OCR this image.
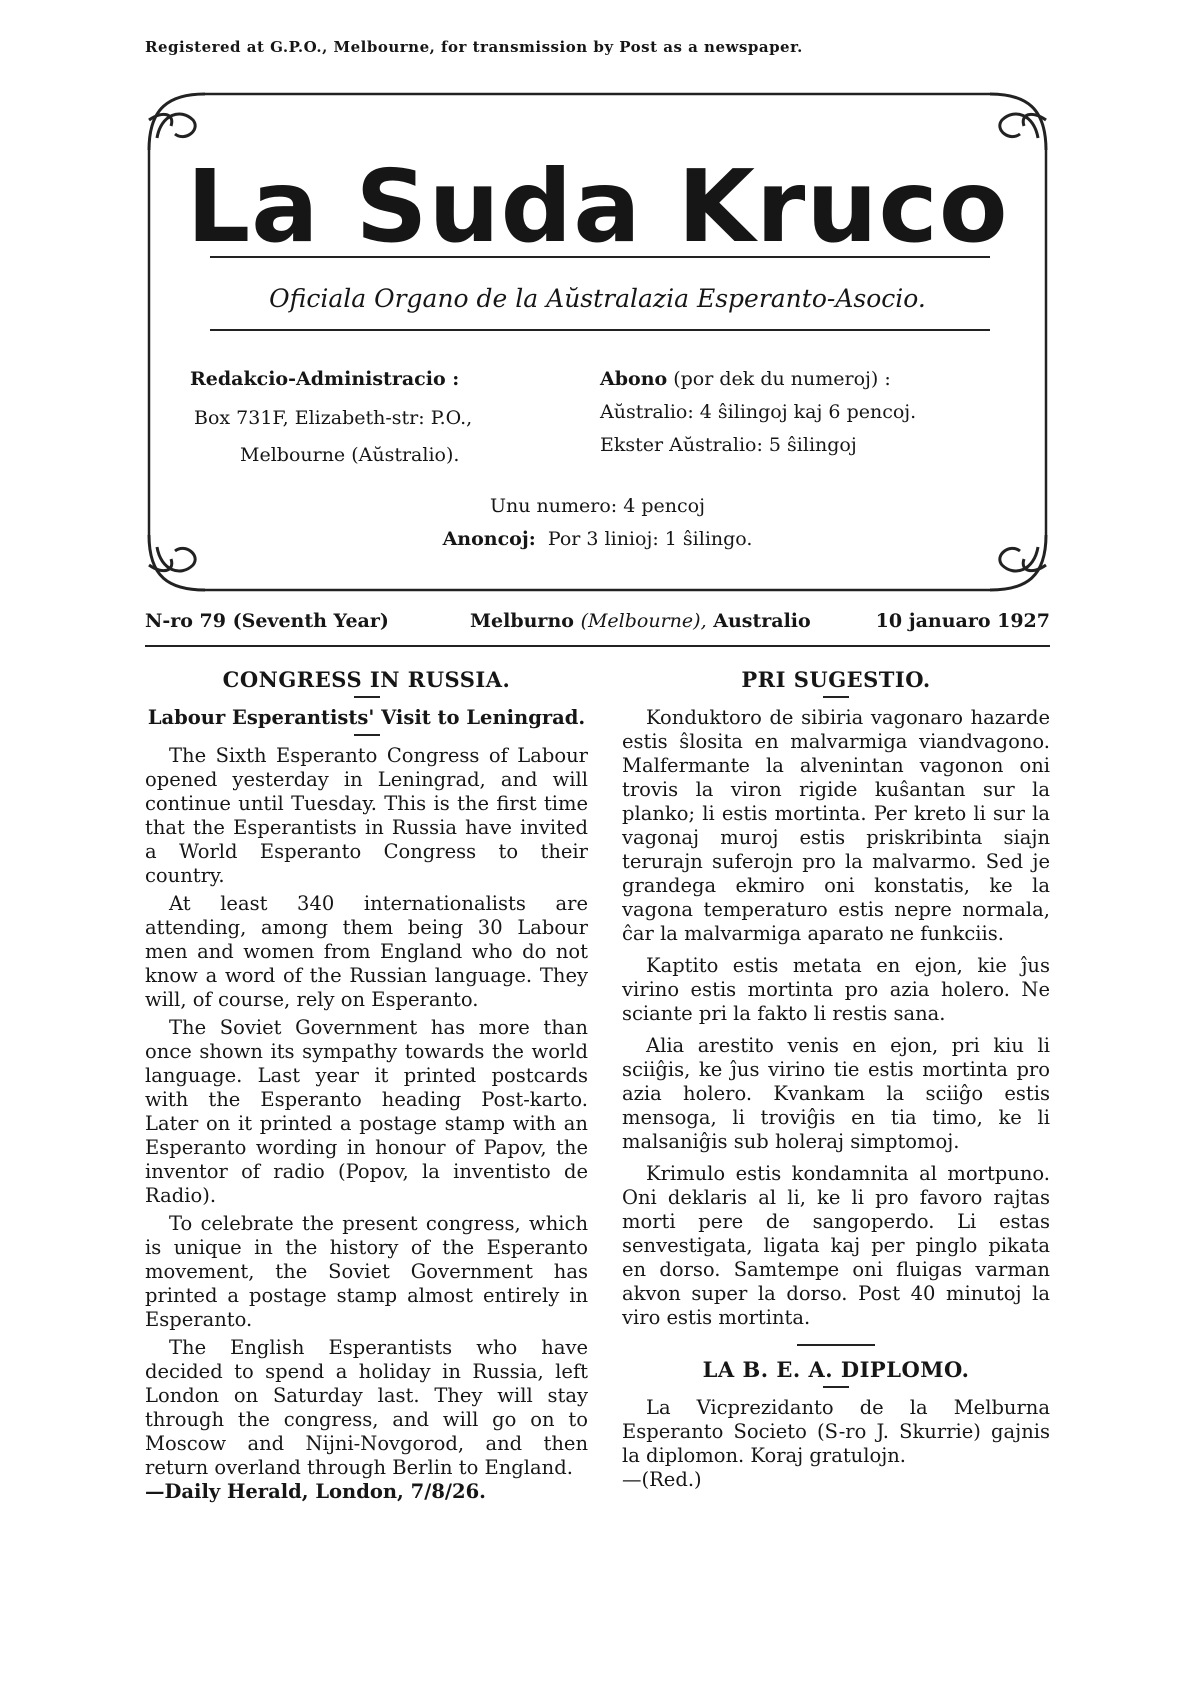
Registered at G.P.O., Melbourne, for transmission by Post as a newspaper.
La Suda Kruco
Oficiala Organo de la Aŭstralazia Esperanto-Asocio.
Redakcio-Administracio :
Box 731F, Elizabeth-str: P.O.,
Melbourne (Aŭstralio).
Abono (por dek du numeroj) :
Aŭstralio: 4 ŝilingoj kaj 6 pencoj.
Ekster Aŭstralio: 5 ŝilingoj
Unu numero: 4 pencoj
Anoncoj: Por 3 linioj: 1 ŝilingo.
N-ro 79 (Seventh Year)	Melburno (Melbourne), Australio	10 januaro 1927
CONGRESS IN RUSSIA.
Labour Esperantists' Visit to Leningrad.

The Sixth Esperanto Congress of Labour opened yesterday in Leningrad, and will continue until Tuesday. This is the first time that the Esperantists in Russia have invited a World Esperanto Congress to their country.

At least 340 internationalists are attending, among them being 30 Labour men and women from England who do not know a word of the Russian language. They will, of course, rely on Esperanto.

The Soviet Government has more than once shown its sympathy towards the world language. Last year it printed postcards with the Esperanto heading Post-karto. Later on it printed a postage stamp with an Esperanto wording in honour of Papov, the inventor of radio (Popov, la inventisto de Radio).

To celebrate the present congress, which is unique in the history of the Esperanto movement, the Soviet Government has printed a postage stamp almost entirely in Esperanto.

The English Esperantists who have decided to spend a holiday in Russia, left London on Saturday last. They will stay through the congress, and will go on to Moscow and Nijni-Novgorod, and then return overland through Berlin to England.

—Daily Herald, London, 7/8/26.
PRI SUGESTIO.

Konduktoro de sibiria vagonaro hazarde estis ŝlosita en malvarmiga viandvagono. Malfermante la alvenintan vagonon oni trovis la viron rigide kuŝantan sur la planko; li estis mortinta. Per kreto li sur la vagonaj muroj estis priskribinta siajn terurajn suferojn pro la malvarmo. Sed je grandega ekmiro oni konstatis, ke la vagona temperaturo estis nepre normala, ĉar la malvarmiga aparato ne funkciis.

Kaptito estis metata en ejon, kie ĵus virino estis mortinta pro azia holero. Ne sciante pri la fakto li restis sana.

Alia arestito venis en ejon, pri kiu li sciiĝis, ke ĵus virino tie estis mortinta pro azia holero. Kvankam la sciiĝo estis mensoga, li troviĝis en tia timo, ke li malsaniĝis sub holeraj simptomoj.

Krimulo estis kondamnita al mortpuno. Oni deklaris al li, ke li pro favoro rajtas morti pere de sangoperdo. Li estas senvestigata, ligata kaj per pinglo pikata en dorso. Samtempe oni fluigas varman akvon super la dorso. Post 40 minutoj la viro estis mortinta.

LA B. E. A. DIPLOMO.

La Vicprezidanto de la Melburna Esperanto Societo (S-ro J. Skurrie) gajnis la diplomon. Koraj gratulojn.

—(Red.)
